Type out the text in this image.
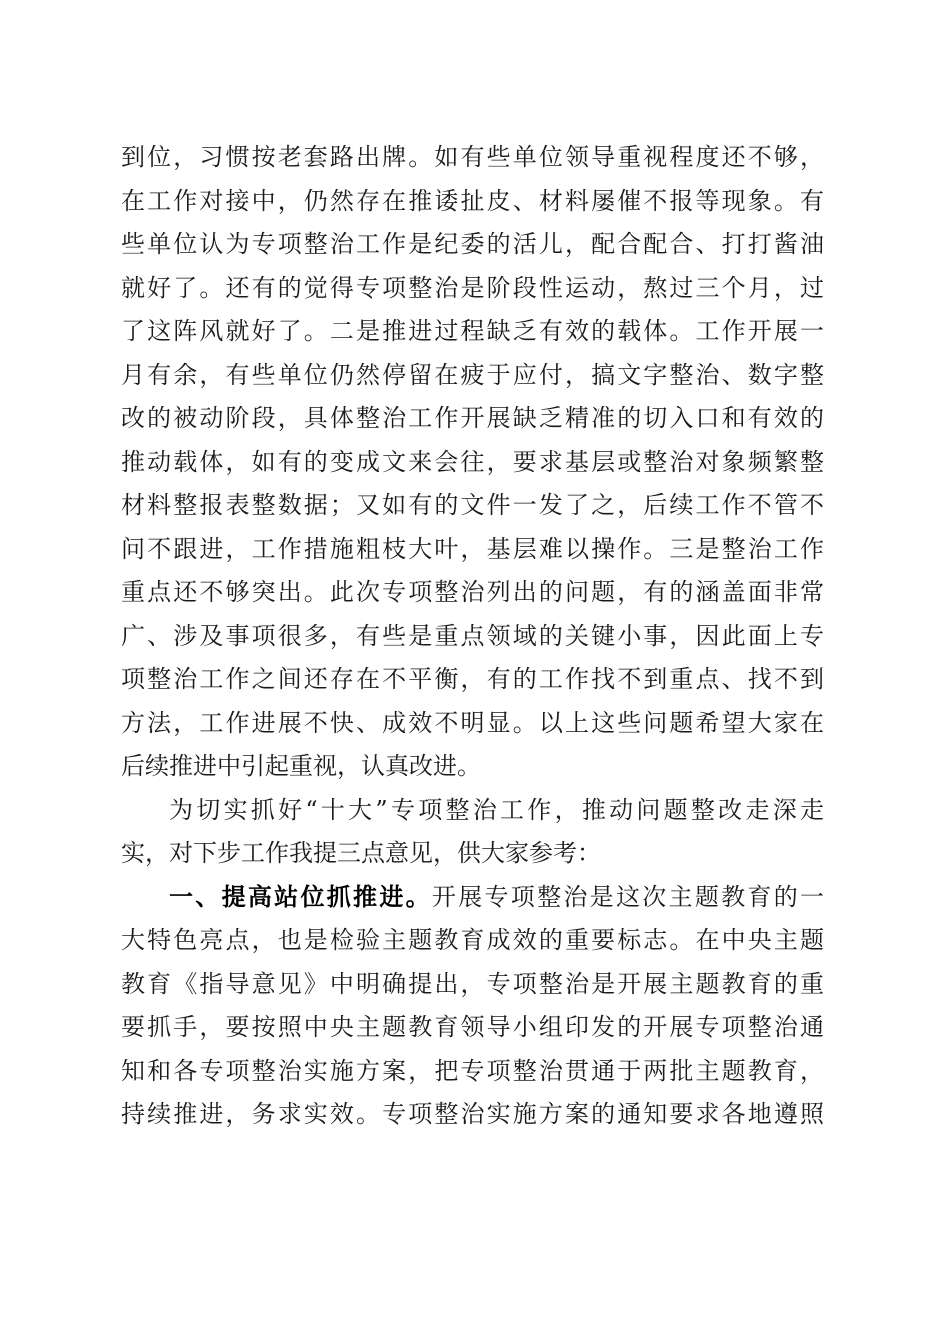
到位，习惯按老套路出牌。如有些单位领导重视程度还不够，
在工作对接中，仍然存在推诿扯皮、材料屡催不报等现象。有
些单位认为专项整治工作是纪委的活儿，配合配合、打打酱油
就好了。还有的觉得专项整治是阶段性运动，熬过三个月，过
了这阵风就好了。二是推进过程缺乏有效的载体。工作开展一
月有余，有些单位仍然停留在疲于应付，搞文字整治、数字整
改的被动阶段，具体整治工作开展缺乏精准的切入口和有效的
推动载体，如有的变成文来会往，要求基层或整治对象频繁整
材料整报表整数据；又如有的文件一发了之，后续工作不管不
问不跟进，工作措施粗枝大叶，基层难以操作。三是整治工作
重点还不够突出。此次专项整治列出的问题，有的涵盖面非常
广、涉及事项很多，有些是重点领域的关键小事，因此面上专
项整治工作之间还存在不平衡，有的工作找不到重点、找不到
方法，工作进展不快、成效不明显。以上这些问题希望大家在
后续推进中引起重视，认真改进。
为切实抓好“十大”专项整治工作，推动问题整改走深走
实，对下步工作我提三点意见，供大家参考：
一、提高站位抓推进。开展专项整治是这次主题教育的一
大特色亮点，也是检验主题教育成效的重要标志。在中央主题
教育《指导意见》中明确提出，专项整治是开展主题教育的重
要抓手，要按照中央主题教育领导小组印发的开展专项整治通
知和各专项整治实施方案，把专项整治贯通于两批主题教育，
持续推进，务求实效。专项整治实施方案的通知要求各地遵照
